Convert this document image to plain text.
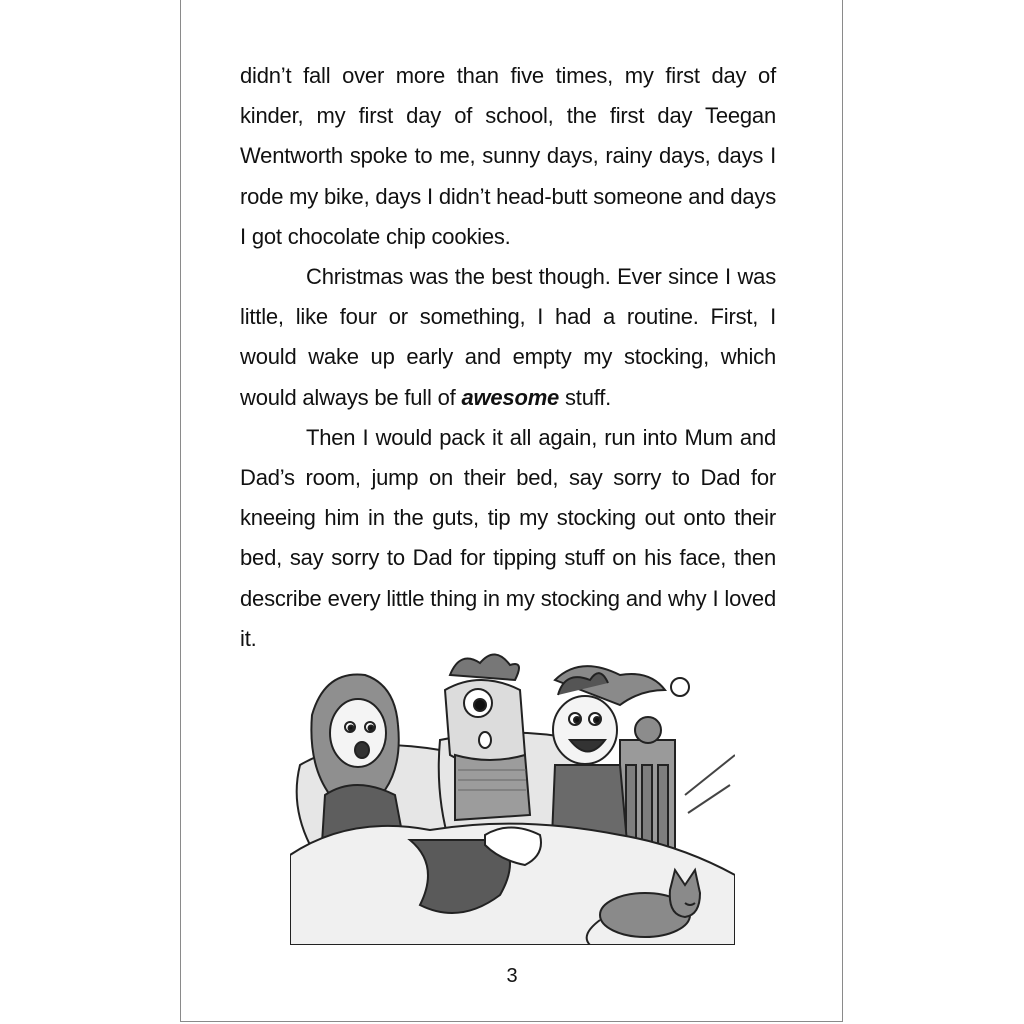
didn’t fall over more than five times, my first day of kinder, my first day of school, the first day Teegan Wentworth spoke to me, sunny days, rainy days, days I rode my bike, days I didn’t head-butt someone and days I got chocolate chip cookies.

Christmas was the best though. Ever since I was little, like four or something, I had a routine. First, I would wake up early and empty my stocking, which would always be full of awesome stuff.

Then I would pack it all again, run into Mum and Dad’s room, jump on their bed, say sorry to Dad for kneeing him in the guts, tip my stocking out onto their bed, say sorry to Dad for tipping stuff on his face, then describe every little thing in my stocking and why I loved it.

3
